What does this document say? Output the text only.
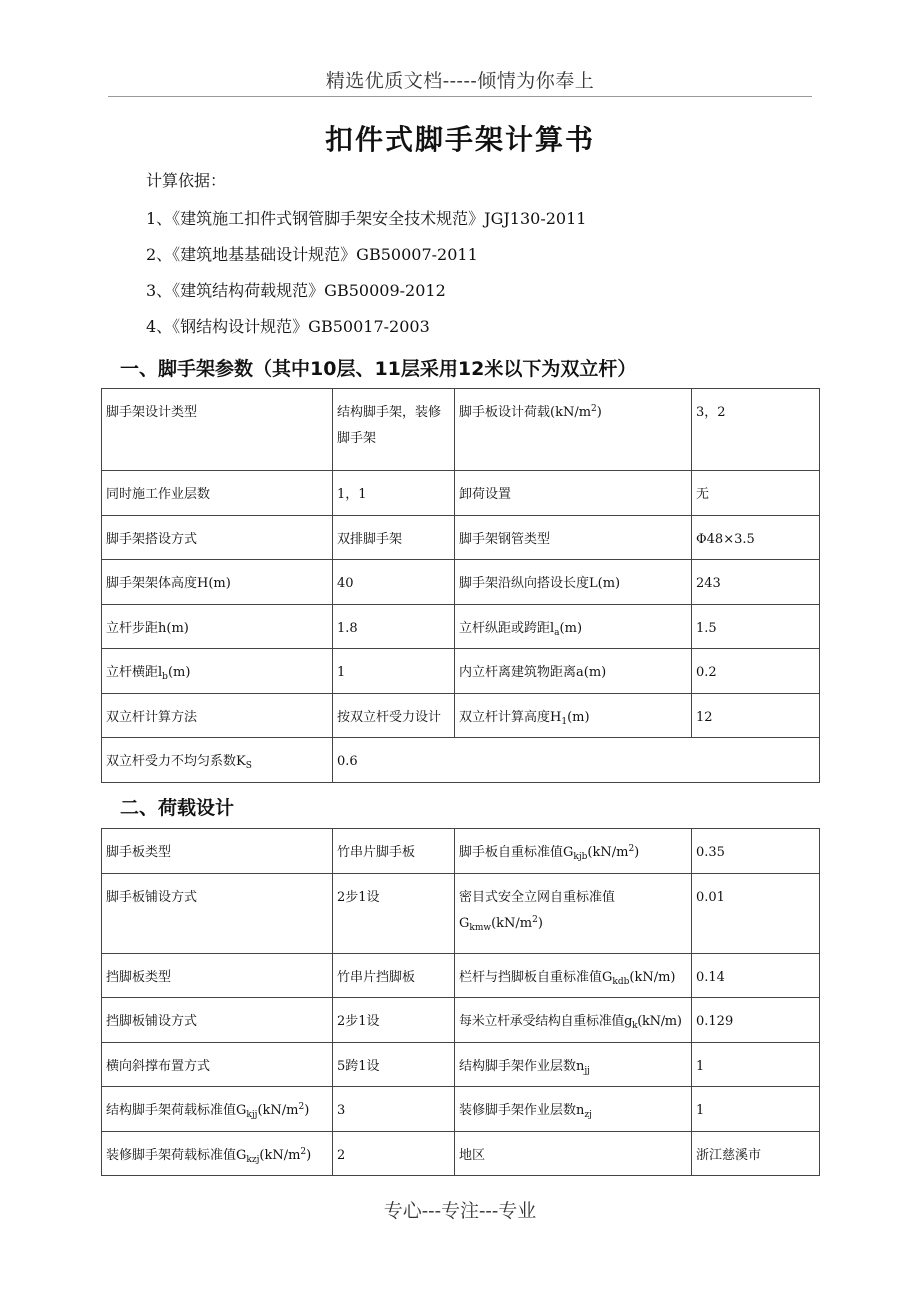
精选优质文档-----倾情为你奉上
扣件式脚手架计算书
计算依据：
1、《建筑施工扣件式钢管脚手架安全技术规范》JGJ130-2011
2、《建筑地基基础设计规范》GB50007-2011
3、《建筑结构荷载规范》GB50009-2012
4、《钢结构设计规范》GB50017-2003
一、脚手架参数（其中10层、11层采用12米以下为双立杆）
脚手架设计类型	结构脚手架，装修脚手架	脚手板设计荷载$(kN/m^2)$	3，2
同时施工作业层数	1，1	卸荷设置	无
脚手架搭设方式	双排脚手架	脚手架钢管类型	Φ48×3.5
脚手架架体高度H(m)	40	脚手架沿纵向搭设长度L(m)	243
立杆步距h(m)	1.8	立杆纵距或跨距$l_a(m)$	1.5
立杆横距$l_b(m)$	1	内立杆离建筑物距离a(m)	0.2
双立杆计算方法	按双立杆受力设计	双立杆计算高度$H_1(m)$	12
双立杆受力不均匀系数$K_S$	0.6		
二、荷载设计
脚手板类型	竹串片脚手板	脚手板自重标准值$G_{kjb}(kN/m^2)$	0.35
脚手板铺设方式	2步1设	密目式安全立网自重标准值
$G_{kmw}(kN/m^2)$	0.01
挡脚板类型	竹串片挡脚板	栏杆与挡脚板自重标准值$G_{kdb}(kN/m)$	0.14
挡脚板铺设方式	2步1设	每米立杆承受结构自重标准值$g_k(kN/m)$	0.129
横向斜撑布置方式	5跨1设	结构脚手架作业层数$n_{jj}$	1
结构脚手架荷载标准值$G_{kjj}(kN/m^2)$	3	装修脚手架作业层数$n_{zj}$	1
装修脚手架荷载标准值$G_{kzj}(kN/m^2)$	2	地区	浙江慈溪市
专心---专注---专业
